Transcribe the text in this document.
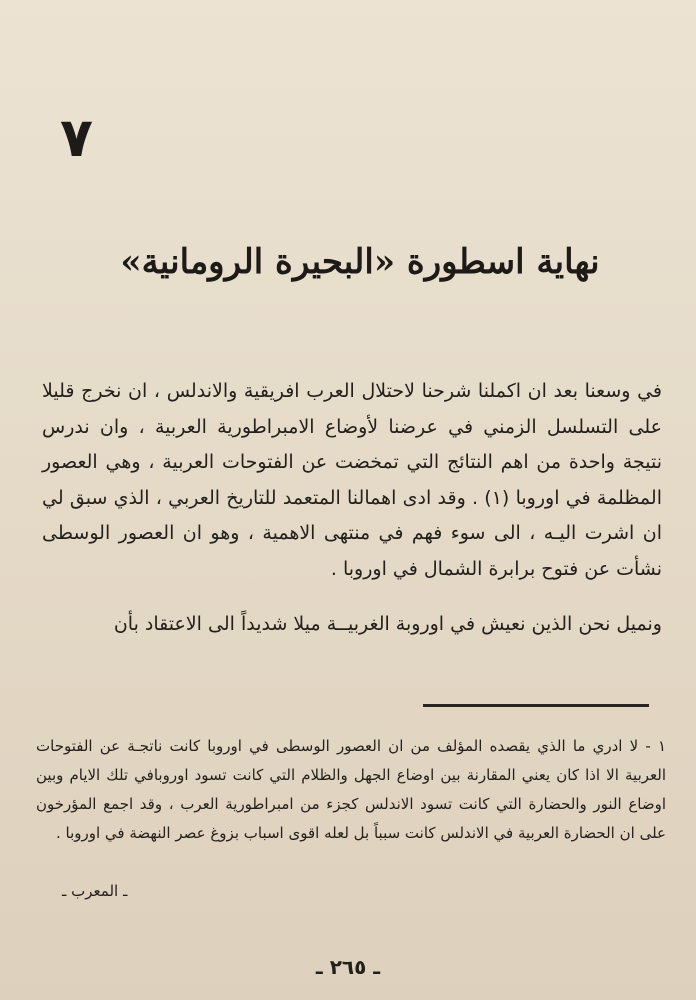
٧
نهاية اسطورة «البحيرة الرومانية»

في وسعنا بعد ان اكملنا شرحنا لاحتلال العرب افريقية والاندلس ، ان نخرج قليلا على التسلسل الزمني في عرضنا لأوضاع الامبراطورية العربية ، وان ندرس نتيجة واحدة من اهم النتائج التي تمخضت عن الفتوحات العربية ، وهي العصور المظلمة في اوروبا (١) . وقد ادى اهمالنا المتعمد للتاريخ العربي ، الذي سبق لي ان اشرت اليـه ، الى سوء فهم في منتهى الاهمية ، وهو ان العصور الوسطى نشأت عن فتوح برابرة الشمال في اوروبا .

ونميل نحن الذين نعيش في اوروبة الغربيــة ميلا شديداً الى الاعتقاد بأن

١ - لا ادري ما الذي يقصده المؤلف من ان العصور الوسطى في اوروبا كانت ناتجـة عن الفتوحات العربية الا اذا كان يعني المقارنة بين اوضاع الجهل والظلام التي كانت تسود اوروبافي تلك الايام وبين اوضاع النور والحضارة التي كانت تسود الاندلس كجزء من امبراطورية العرب ، وقد اجمع المؤرخون على ان الحضارة العربية في الاندلس كانت سبباً بل لعله اقوى اسباب بزوغ عصر النهضة في اوروبا .

ـ المعرب ـ
ـ ٢٦٥ ـ
